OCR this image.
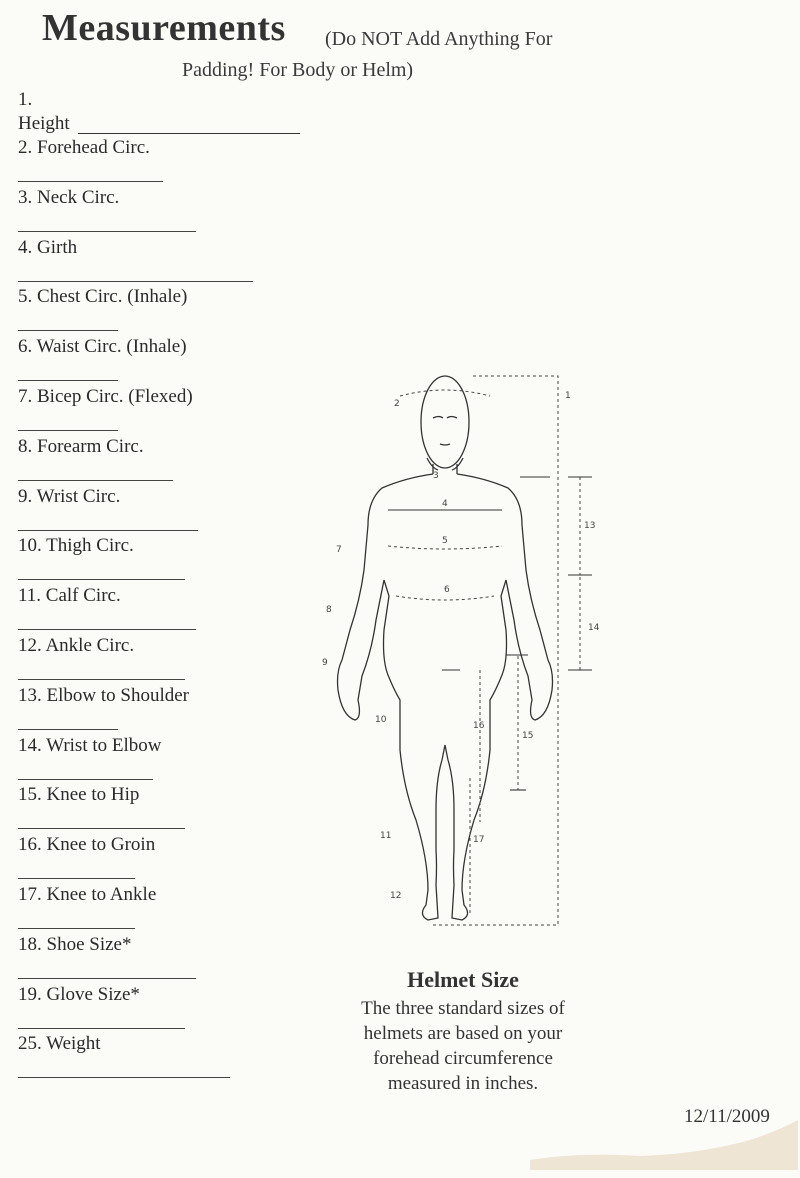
Measurements (Do NOT Add Anything For
Padding! For Body or Helm)
1.
Height
2. Forehead Circ.
3. Neck Circ.
4. Girth
5. Chest Circ. (Inhale)
6. Waist Circ. (Inhale)
7. Bicep Circ. (Flexed)
8. Forearm Circ.
9. Wrist Circ.
10. Thigh Circ.
11. Calf Circ.
12. Ankle Circ.
13. Elbow to Shoulder
14. Wrist to Elbow
15. Knee to Hip
16. Knee to Groin
17. Knee to Ankle
18. Shoe Size*
19. Glove Size*
25. Weight
1
2
3
4
5
6
7
8
9
10
11
12
13
14
15
16
17
Helmet Size
The three standard sizes of
helmets are based on your
forehead circumference
measured in inches.
12/11/2009
